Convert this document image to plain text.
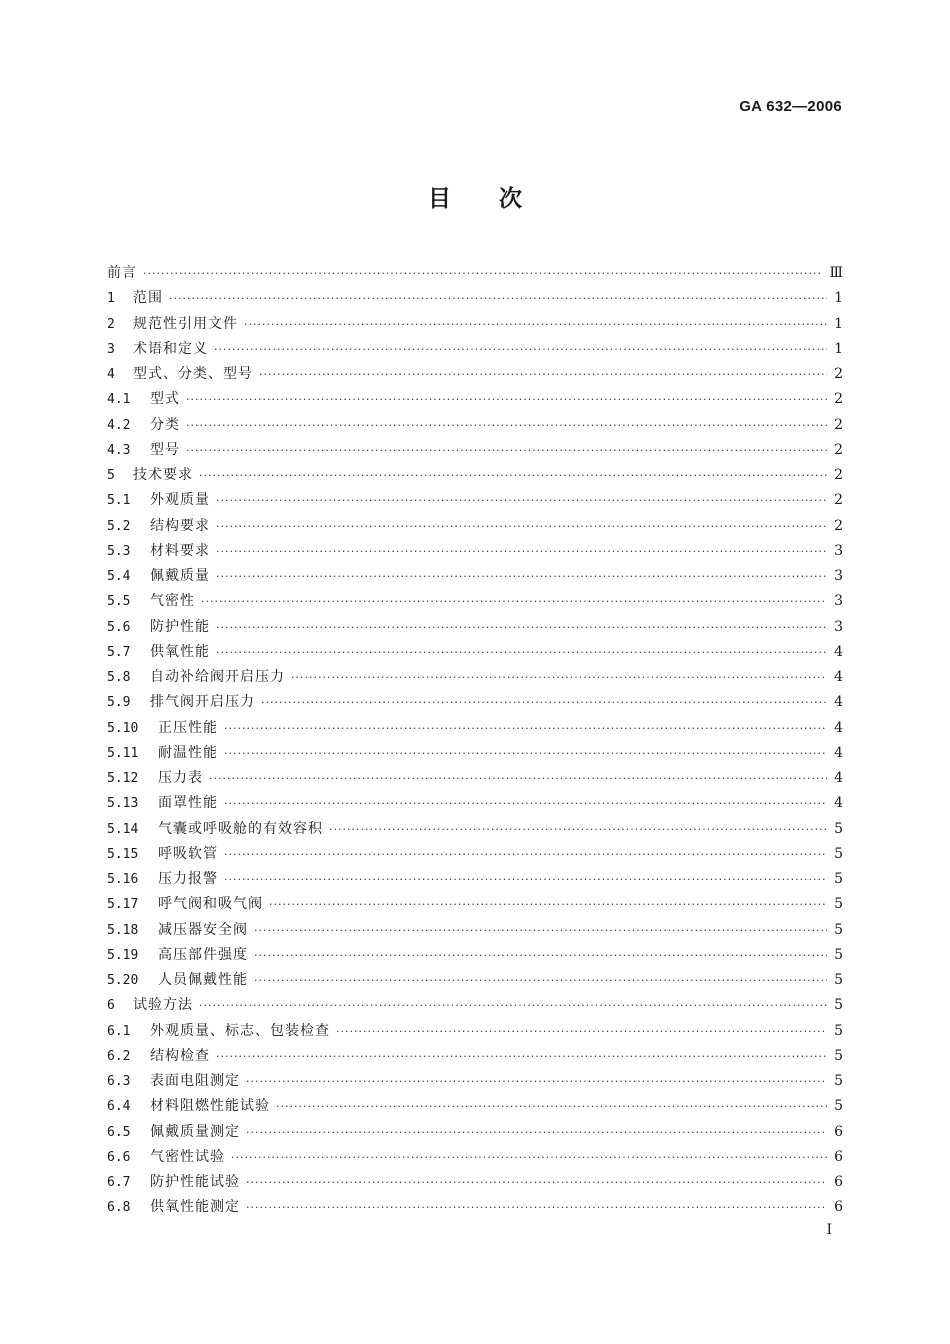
GA 632—2006
目次
前言 ·····	Ⅲ
1	范围 ·····	1
2	规范性引用文件 ·····	1
3	术语和定义 ·····	1
4	型式、分类、型号 ·····	2
4.1	型式 ·····	2
4.2	分类 ·····	2
4.3	型号 ·····	2
5	技术要求 ·····	2
5.1	外观质量 ·····	2
5.2	结构要求 ·····	2
5.3	材料要求 ·····	3
5.4	佩戴质量 ·····	3
5.5	气密性 ·····	3
5.6	防护性能 ·····	3
5.7	供氧性能 ·····	4
5.8	自动补给阀开启压力 ·····	4
5.9	排气阀开启压力 ·····	4
5.10	正压性能 ·····	4
5.11	耐温性能 ·····	4
5.12	压力表 ·····	4
5.13	面罩性能 ·····	4
5.14	气囊或呼吸舱的有效容积 ·····	5
5.15	呼吸软管 ·····	5
5.16	压力报警 ·····	5
5.17	呼气阀和吸气阀 ·····	5
5.18	减压器安全阀 ·····	5
5.19	高压部件强度 ·····	5
5.20	人员佩戴性能 ·····	5
6	试验方法 ·····	5
6.1	外观质量、标志、包装检查 ·····	5
6.2	结构检查 ·····	5
6.3	表面电阻测定 ·····	5
6.4	材料阻燃性能试验 ·····	5
6.5	佩戴质量测定 ·····	6
6.6	气密性试验 ·····	6
6.7	防护性能试验 ·····	6
6.8	供氧性能测定 ·····	6
I
